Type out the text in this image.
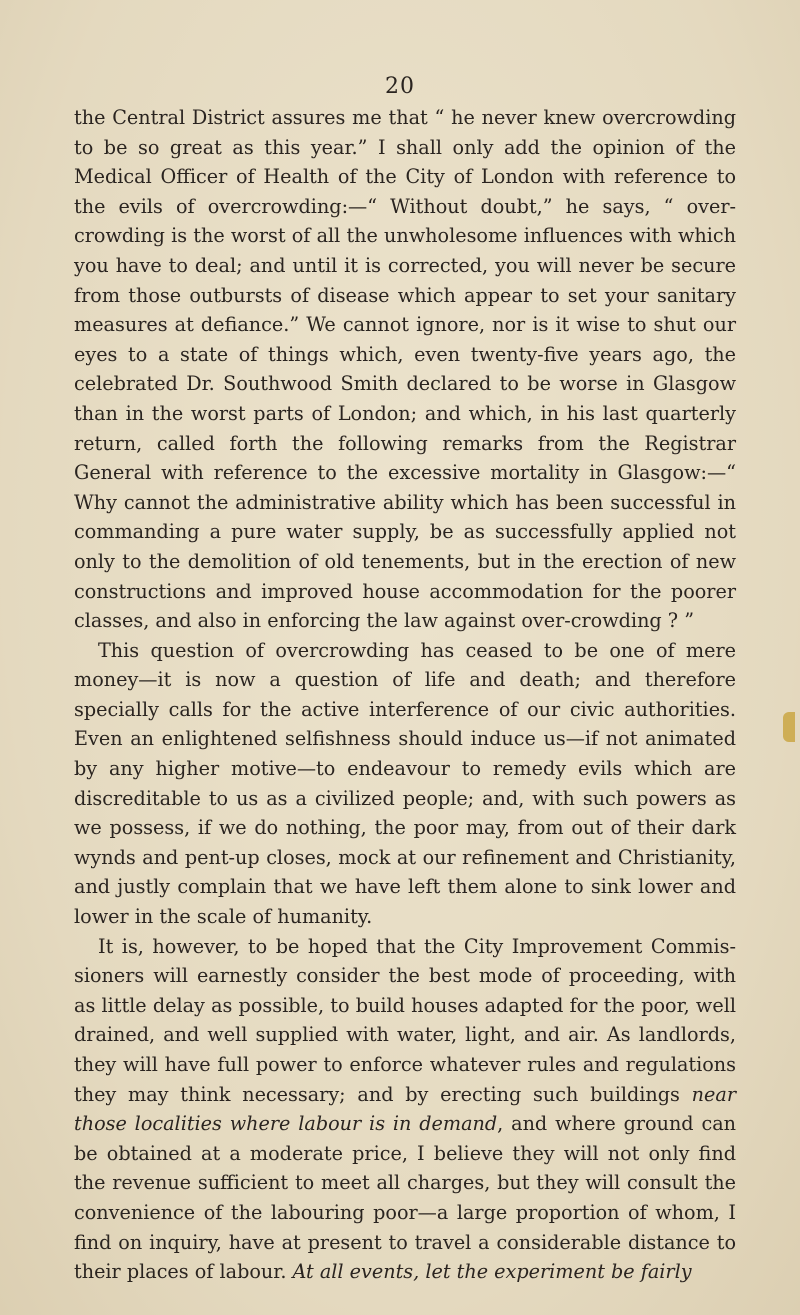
20

the Central District assures me that “ he never knew overcrowding to be so great as this year.” I shall only add the opinion of the Medical Officer of Health of the City of London with reference to the evils of overcrowding:—“ Without doubt,” he says, “ over-crowding is the worst of all the unwholesome influences with which you have to deal; and until it is corrected, you will never be secure from those outbursts of disease which appear to set your sanitary measures at defiance.” We cannot ignore, nor is it wise to shut our eyes to a state of things which, even twenty-five years ago, the celebrated Dr. Southwood Smith declared to be worse in Glasgow than in the worst parts of London; and which, in his last quarterly return, called forth the following remarks from the Registrar General with reference to the excessive mortality in Glasgow:—“ Why cannot the administrative ability which has been successful in commanding a pure water supply, be as successfully applied not only to the demolition of old tenements, but in the erection of new constructions and improved house accommodation for the poorer classes, and also in enforcing the law against over-crowding ? ”

This question of overcrowding has ceased to be one of mere money—it is now a question of life and death; and therefore specially calls for the active interference of our civic authorities. Even an enlightened selfishness should induce us—if not animated by any higher motive—to endeavour to remedy evils which are discreditable to us as a civilized people; and, with such powers as we possess, if we do nothing, the poor may, from out of their dark wynds and pent-up closes, mock at our refinement and Christianity, and justly complain that we have left them alone to sink lower and lower in the scale of humanity.

It is, however, to be hoped that the City Improvement Commis-sioners will earnestly consider the best mode of proceeding, with as little delay as possible, to build houses adapted for the poor, well drained, and well supplied with water, light, and air. As landlords, they will have full power to enforce whatever rules and regulations they may think necessary; and by erecting such buildings near those localities where labour is in demand, and where ground can be obtained at a moderate price, I believe they will not only find the revenue sufficient to meet all charges, but they will consult the convenience of the labouring poor—a large proportion of whom, I find on inquiry, have at present to travel a considerable distance to their places of labour. At all events, let the experiment be fairly
